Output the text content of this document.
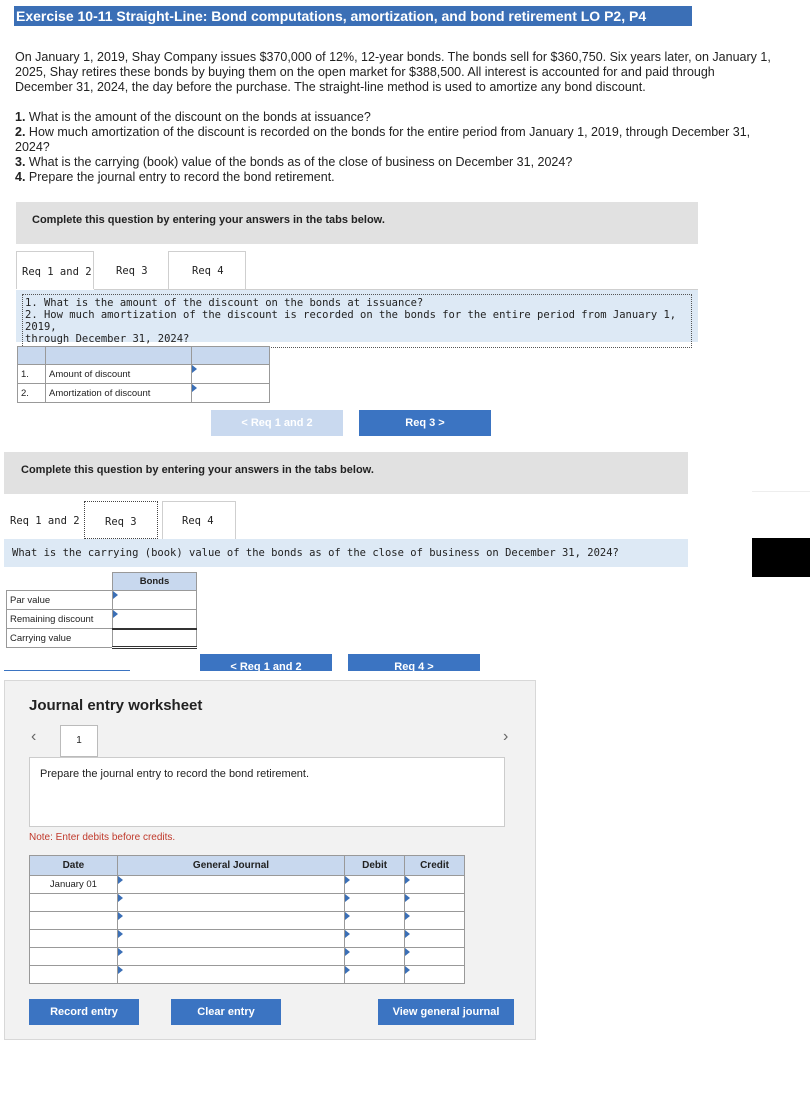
Exercise 10-11 Straight-Line: Bond computations, amortization, and bond retirement LO P2, P4
On January 1, 2019, Shay Company issues $370,000 of 12%, 12-year bonds. The bonds sell for $360,750. Six years later, on January 1, 2025, Shay retires these bonds by buying them on the open market for $388,500. All interest is accounted for and paid through December 31, 2024, the day before the purchase. The straight-line method is used to amortize any bond discount.
1. What is the amount of the discount on the bonds at issuance?
2. How much amortization of the discount is recorded on the bonds for the entire period from January 1, 2019, through December 31, 2024?
3. What is the carrying (book) value of the bonds as of the close of business on December 31, 2024?
4. Prepare the journal entry to record the bond retirement.
Complete this question by entering your answers in the tabs below.
Req 1 and 2 Req 3	Req 4
1. What is the amount of the discount on the bonds at issuance?
2. How much amortization of the discount is recorded on the bonds for the entire period from January 1, 2019,
through December 31, 2024?

1.	Amount of discount	
2.	Amortization of discount	
< Req 1 and 2	Req 3 >
Complete this question by entering your answers in the tabs below.
Req 1 and 2	Req 3	Req 4
What is the carrying (book) value of the bonds as of the close of business on December 31, 2024?
	Bonds
Par value	
Remaining discount	
Carrying value	
< Req 1 and 2	Req 4 >
Journal entry worksheet
‹	1	›
Prepare the journal entry to record the bond retirement.
Note: Enter debits before credits.
Date	General Journal	Debit	Credit
January 01			

Record entry	Clear entry	View general journal
